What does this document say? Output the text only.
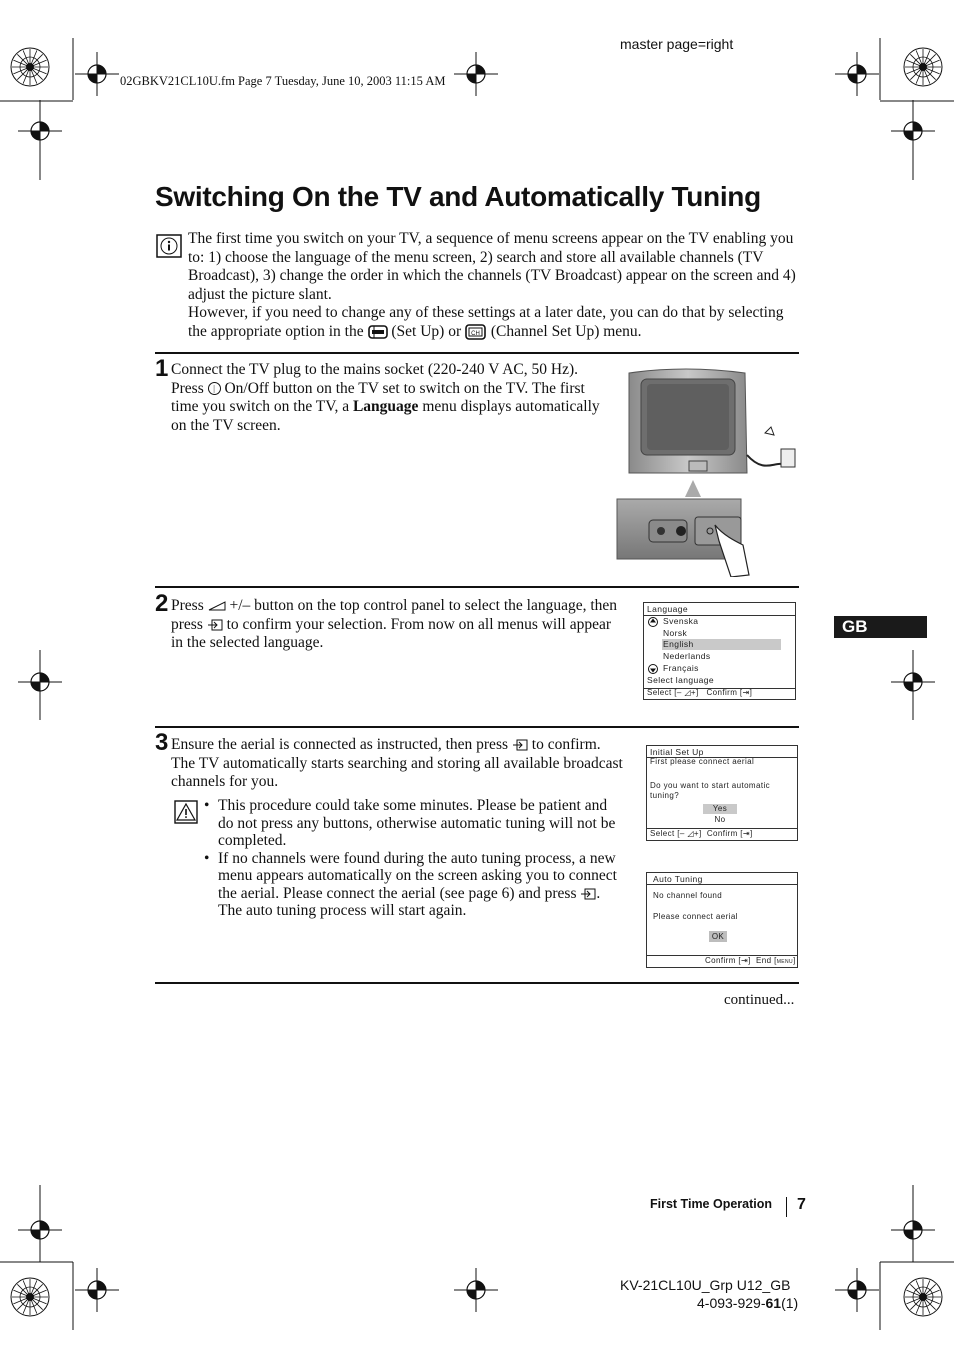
master page=right
02GBKV21CL10U.fm Page 7 Tuesday, June 10, 2003 11:15 AM
Switching On the TV and Automatically Tuning
The first time you switch on your TV, a sequence of menu screens appear on the TV enabling you to: 1) choose the language of the menu screen, 2) search and store all available channels (TV Broadcast), 3) change the order in which the channels (TV Broadcast) appear on the screen and 4) adjust the picture slant.
However, if you need to change any of these settings at a later date, you can do that by selecting the appropriate option in the (Set Up) or CH (Channel Set Up) menu.
1 Connect the TV plug to the mains socket (220-240 V AC, 50 Hz). Press | On/Off button on the TV set to switch on the TV. The first time you switch on the TV, a Language menu displays automatically on the TV screen.
2 Press +/– button on the top control panel to select the language, then press to confirm your selection. From now on all menus will appear in the selected language.
Language
Svenska
Norsk
English
Nederlands
Français
Select language
Select [– ◿+]   Confirm [⇥]
GB
3 Ensure the aerial is connected as instructed, then press to confirm. The TV automatically starts searching and storing all available broadcast channels for you.
• This procedure could take some minutes. Please be patient and do not press any buttons, otherwise automatic tuning will not be completed.
• If no channels were found during the auto tuning process, a new menu appears automatically on the screen asking you to connect the aerial. Please connect the aerial (see page 6) and press . The auto tuning process will start again.
Initial Set Up
First please connect aerial
Do you want to start automatic tuning?
Yes
No
Select [– ◿+]  Confirm [⇥]
Auto Tuning
No channel found
Please connect aerial
OK
Confirm [⇥]  End [MENU]
continued...
First Time Operation 7
KV-21CL10U_Grp U12_GB
4-093-929-61(1)
